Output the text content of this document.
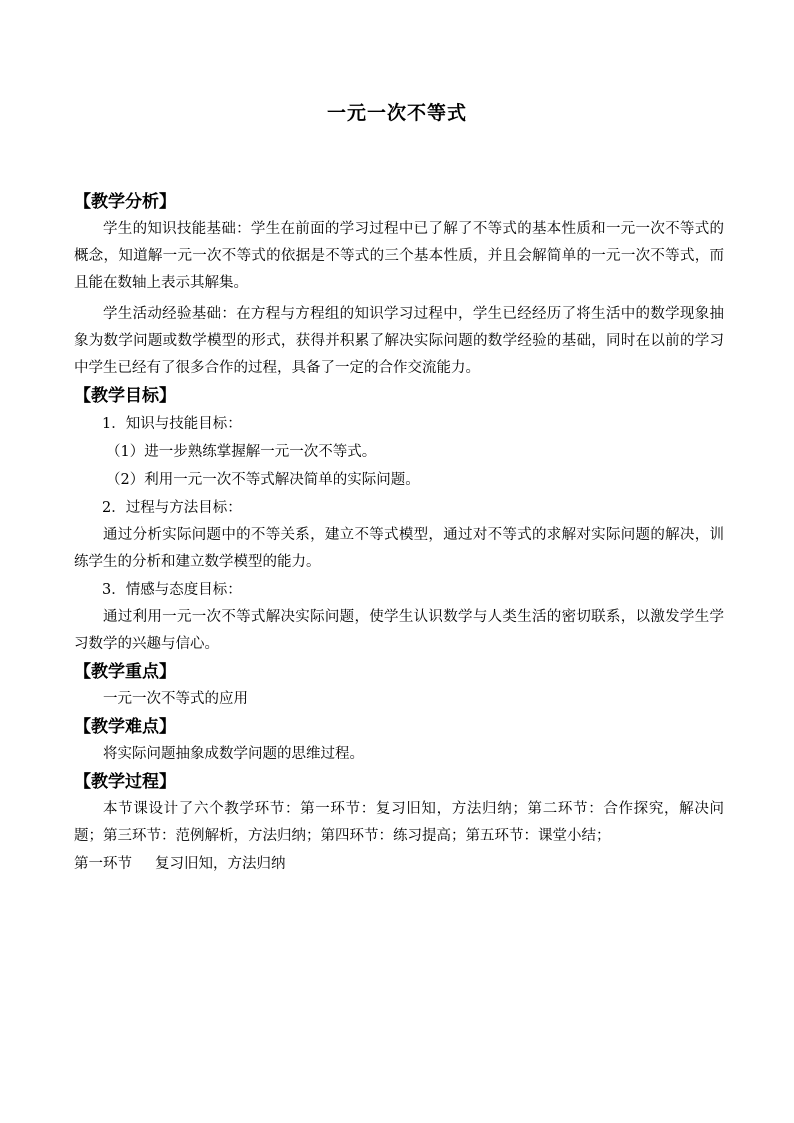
一元一次不等式
【教学分析】

学生的知识技能基础：学生在前面的学习过程中已了解了不等式的基本性质和一元一次不等式的概念，知道解一元一次不等式的依据是不等式的三个基本性质，并且会解简单的一元一次不等式，而且能在数轴上表示其解集。

学生活动经验基础：在方程与方程组的知识学习过程中，学生已经经历了将生活中的数学现象抽象为数学问题或数学模型的形式，获得并积累了解决实际问题的数学经验的基础，同时在以前的学习中学生已经有了很多合作的过程，具备了一定的合作交流能力。

【教学目标】

1．知识与技能目标：

（1）进一步熟练掌握解一元一次不等式。

（2）利用一元一次不等式解决简单的实际问题。

2．过程与方法目标：

通过分析实际问题中的不等关系，建立不等式模型，通过对不等式的求解对实际问题的解决，训练学生的分析和建立数学模型的能力。

3．情感与态度目标：

通过利用一元一次不等式解决实际问题，使学生认识数学与人类生活的密切联系，以激发学生学习数学的兴趣与信心。

【教学重点】

一元一次不等式的应用

【教学难点】

将实际问题抽象成数学问题的思维过程。

【教学过程】

本节课设计了六个教学环节：第一环节：复习旧知，方法归纳；第二环节：合作探究，解决问题；第三环节：范例解析，方法归纳；第四环节：练习提高；第五环节：课堂小结；

第一环节     复习旧知，方法归纳
